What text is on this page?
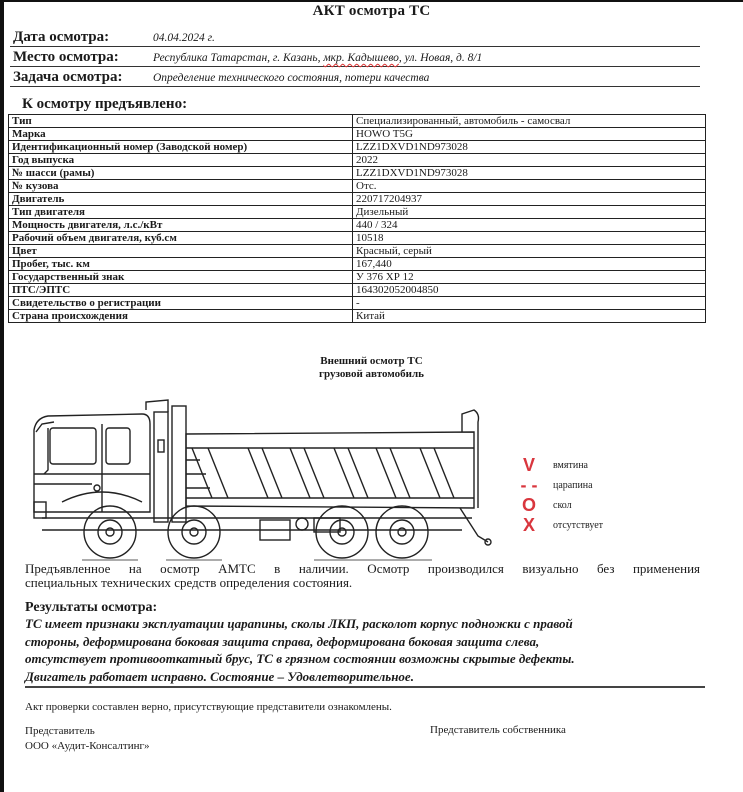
АКТ осмотра ТС
Дата осмотра:	04.04.2024 г.
Место осмотра:	Республика Татарстан, г. Казань, мкр. Кадышево, ул. Новая, д. 8/1
Задача осмотра:	Определение технического состояния, потери качества
К осмотру предъявлено:
Тип	Специализированный, автомобиль - самосвал
Марка	HOWO T5G
Идентификационный номер (Заводской номер)	LZZ1DXVD1ND973028
Год выпуска	2022
№ шасси (рамы)	LZZ1DXVD1ND973028
№ кузова	Отс.
Двигатель	220717204937
Тип двигателя	Дизельный
Мощность двигателя, л.с./кВт	440 / 324
Рабочий объем двигателя, куб.см	10518
Цвет	Красный, серый
Пробег, тыс. км	167,440
Государственный знак	У 376 ХР 12
ПТС/ЭПТС	164302052004850
Свидетельство о регистрации	-
Страна происхождения	Китай
Внешний осмотр ТС
грузовой автомобиль
V	вмятина
- -	царапина
O	скол
X	отсутствует
Предъявленное на осмотр АМТС в наличии. Осмотр производился визуально без применения
специальных технических средств определения состояния.
Результаты осмотра:
ТС имеет признаки эксплуатации царапины, сколы ЛКП, расколот корпус подножки с правой
стороны, деформирована боковая защита справа, деформирована боковая защита слева,
отсутствует противооткатный брус, ТС в грязном состоянии возможны скрытые дефекты.
Двигатель работает исправно. Состояние – Удовлетворительное.
Акт проверки составлен верно, присутствующие представители ознакомлены.
Представитель
ООО «Аудит-Консалтинг»
Представитель собственника
